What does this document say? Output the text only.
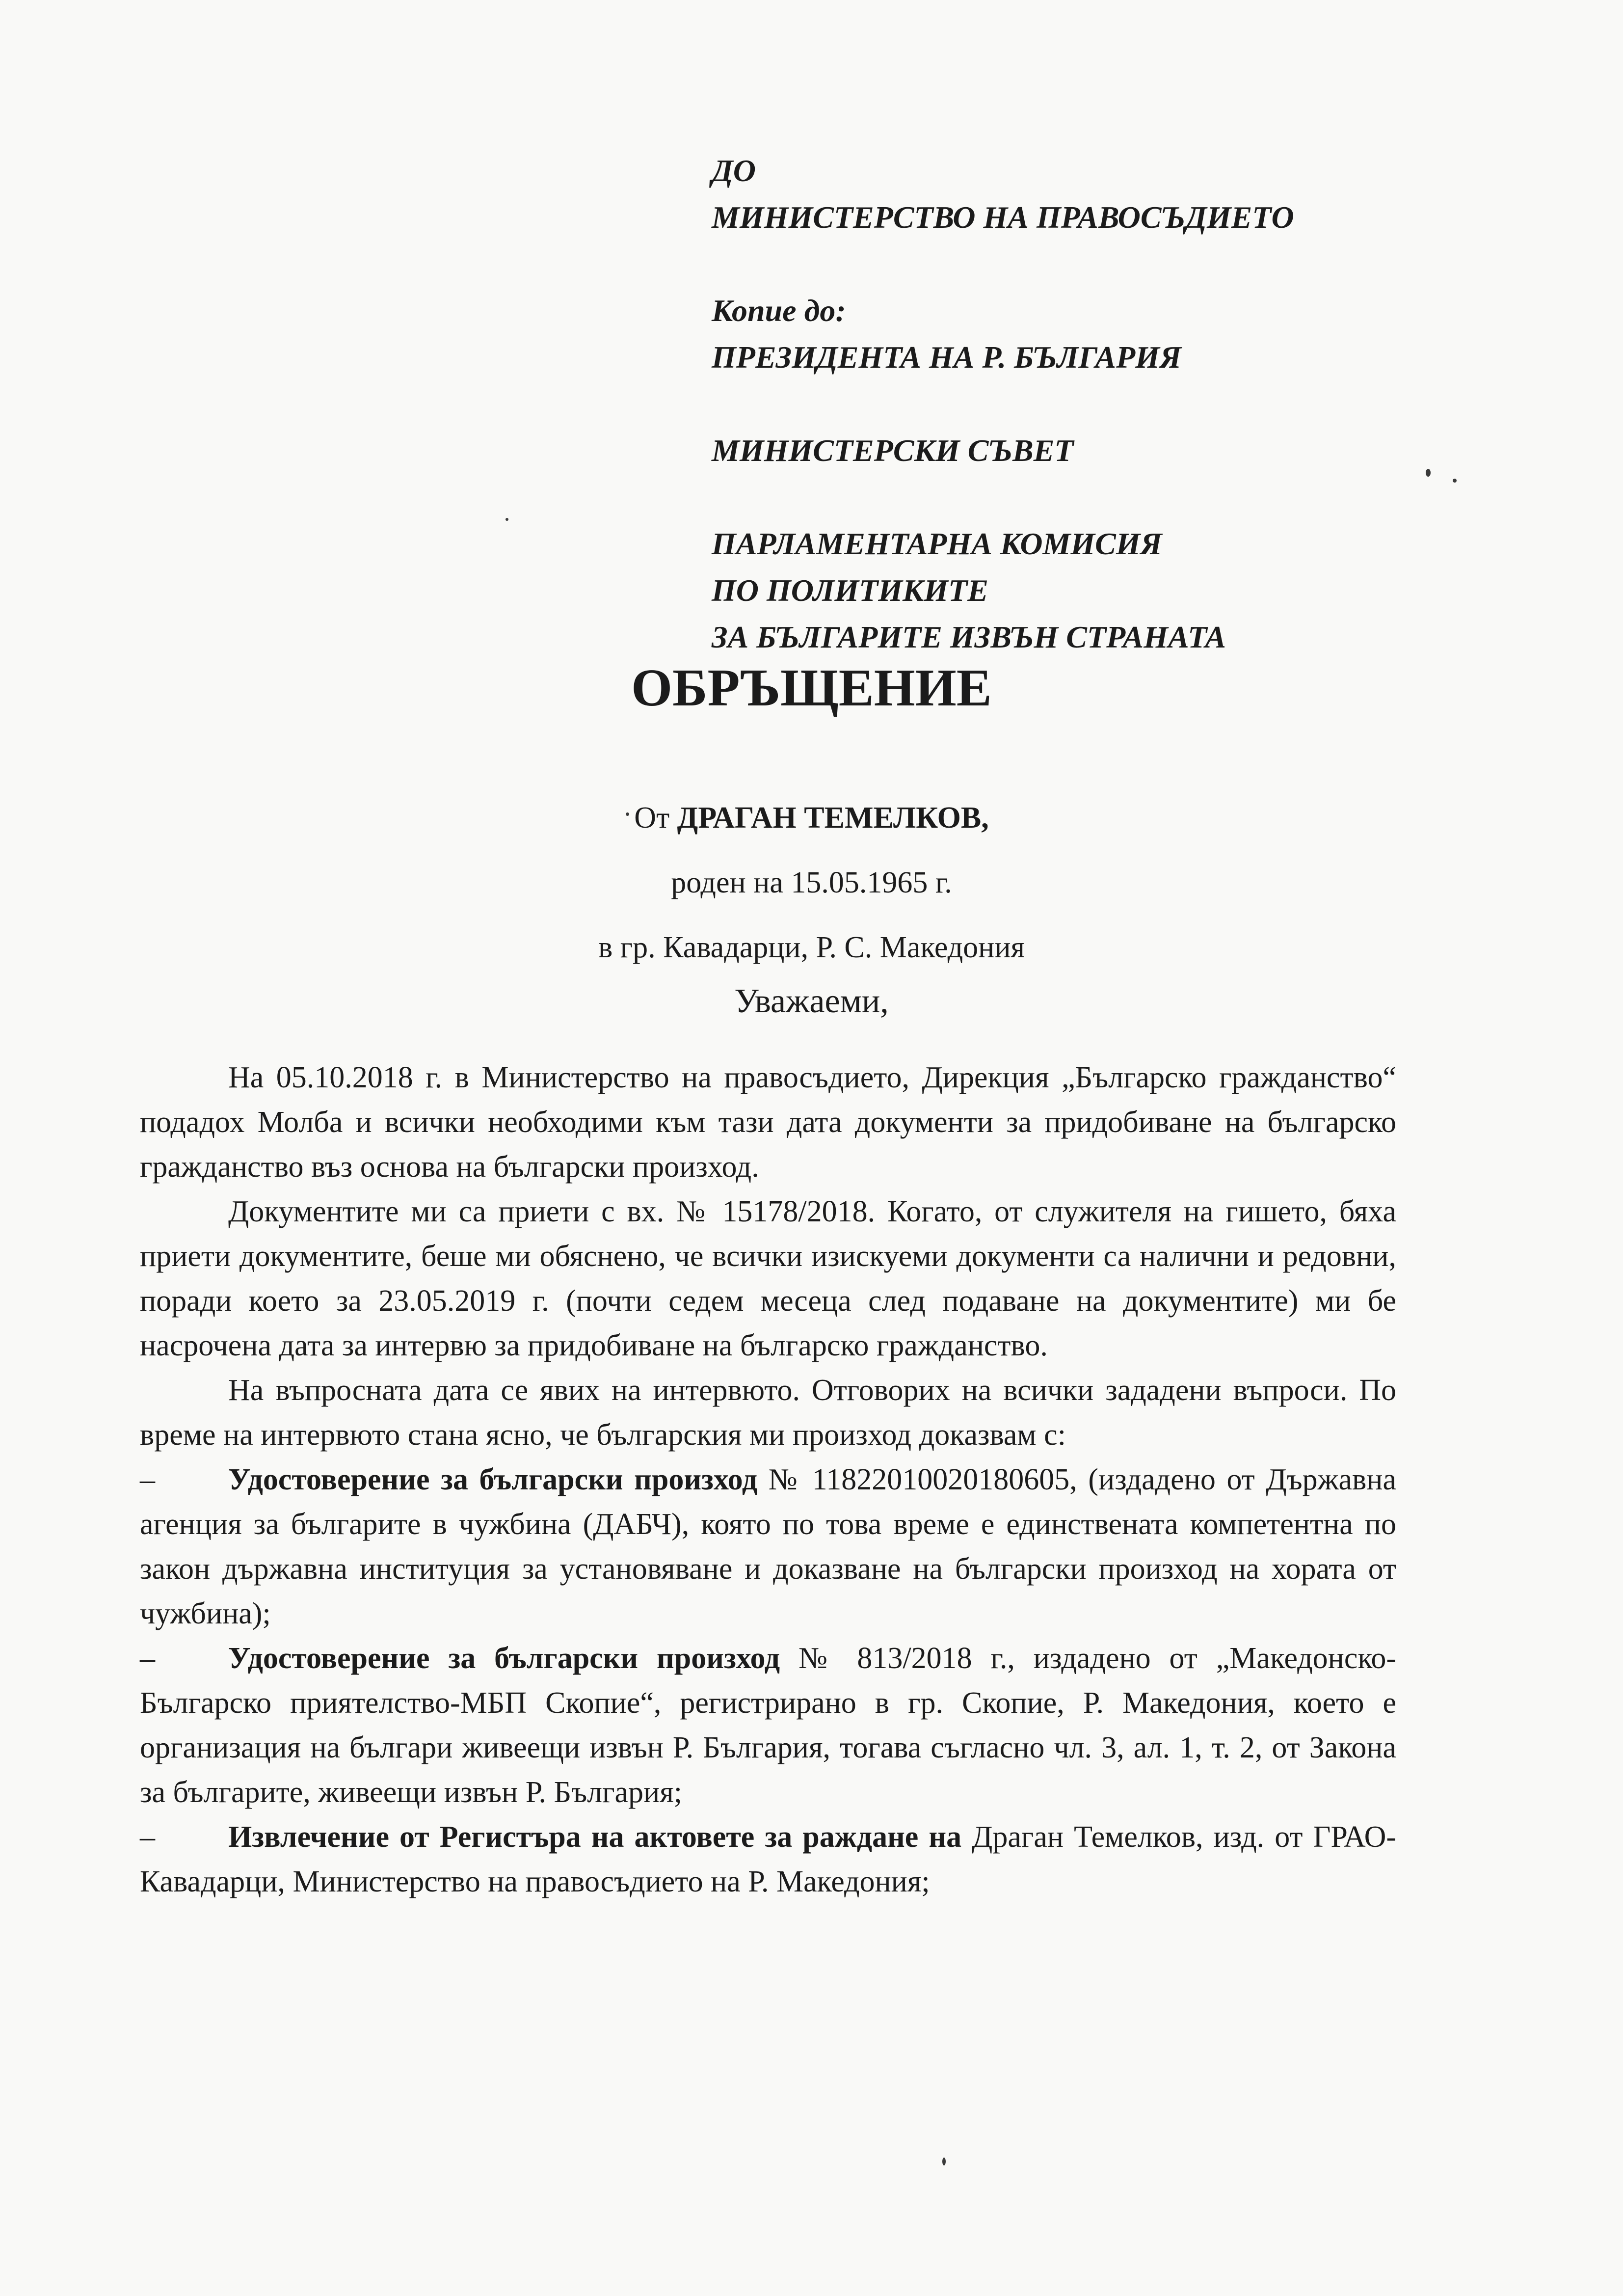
ДО
МИНИСТЕРСТВО НА ПРАВОСЪДИЕТО
Копие до:
ПРЕЗИДЕНТА НА Р. БЪЛГАРИЯ
МИНИСТЕРСКИ СЪВЕТ
ПАРЛАМЕНТАРНА КОМИСИЯ
ПО ПОЛИТИКИТЕ
ЗА БЪЛГАРИТЕ ИЗВЪН СТРАНАТА
ОБРЪЩЕНИЕ
От ДРАГАН ТЕМЕЛКОВ,
роден на 15.05.1965 г.
в гр. Кавадарци, Р. С. Македония
Уважаеми,

На 05.10.2018 г. в Министерство на правосъдието, Дирекция „Българско гражданство“ подадох Молба и всички необходими към тази дата документи за придобиване на българско гражданство въз основа на български произход.

Документите ми са приети с вх. № 15178/2018. Когато, от служителя на гишето, бяха приети документите, беше ми обяснено, че всички изискуеми документи са налични и редовни, поради което за 23.05.2019 г. (почти седем месеца след подаване на документите) ми бе насрочена дата за интервю за придобиване на българско гражданство.

На въпросната дата се явих на интервюто. Отговорих на всички зададени въпроси. По време на интервюто стана ясно, че българския ми произход доказвам с:

– Удостоверение за български произход № 11822010020180605, (издадено от Държавна агенция за българите в чужбина (ДАБЧ), която по това време е единствената компетентна по закон държавна институция за установяване и доказване на български произход на хората от чужбина);

– Удостоверение за български произход № 813/2018 г., издадено от „Македонско-Българско приятелство-МБП Скопие“, регистрирано в гр. Скопие, Р. Македония, което е организация на българи живеещи извън Р. България, тогава съгласно чл. 3, ал. 1, т. 2, от Закона за българите, живеещи извън Р. България;

– Извлечение от Регистъра на актовете за раждане на Драган Темелков, изд. от ГРАО-Кавадарци, Министерство на правосъдието на Р. Македония;
